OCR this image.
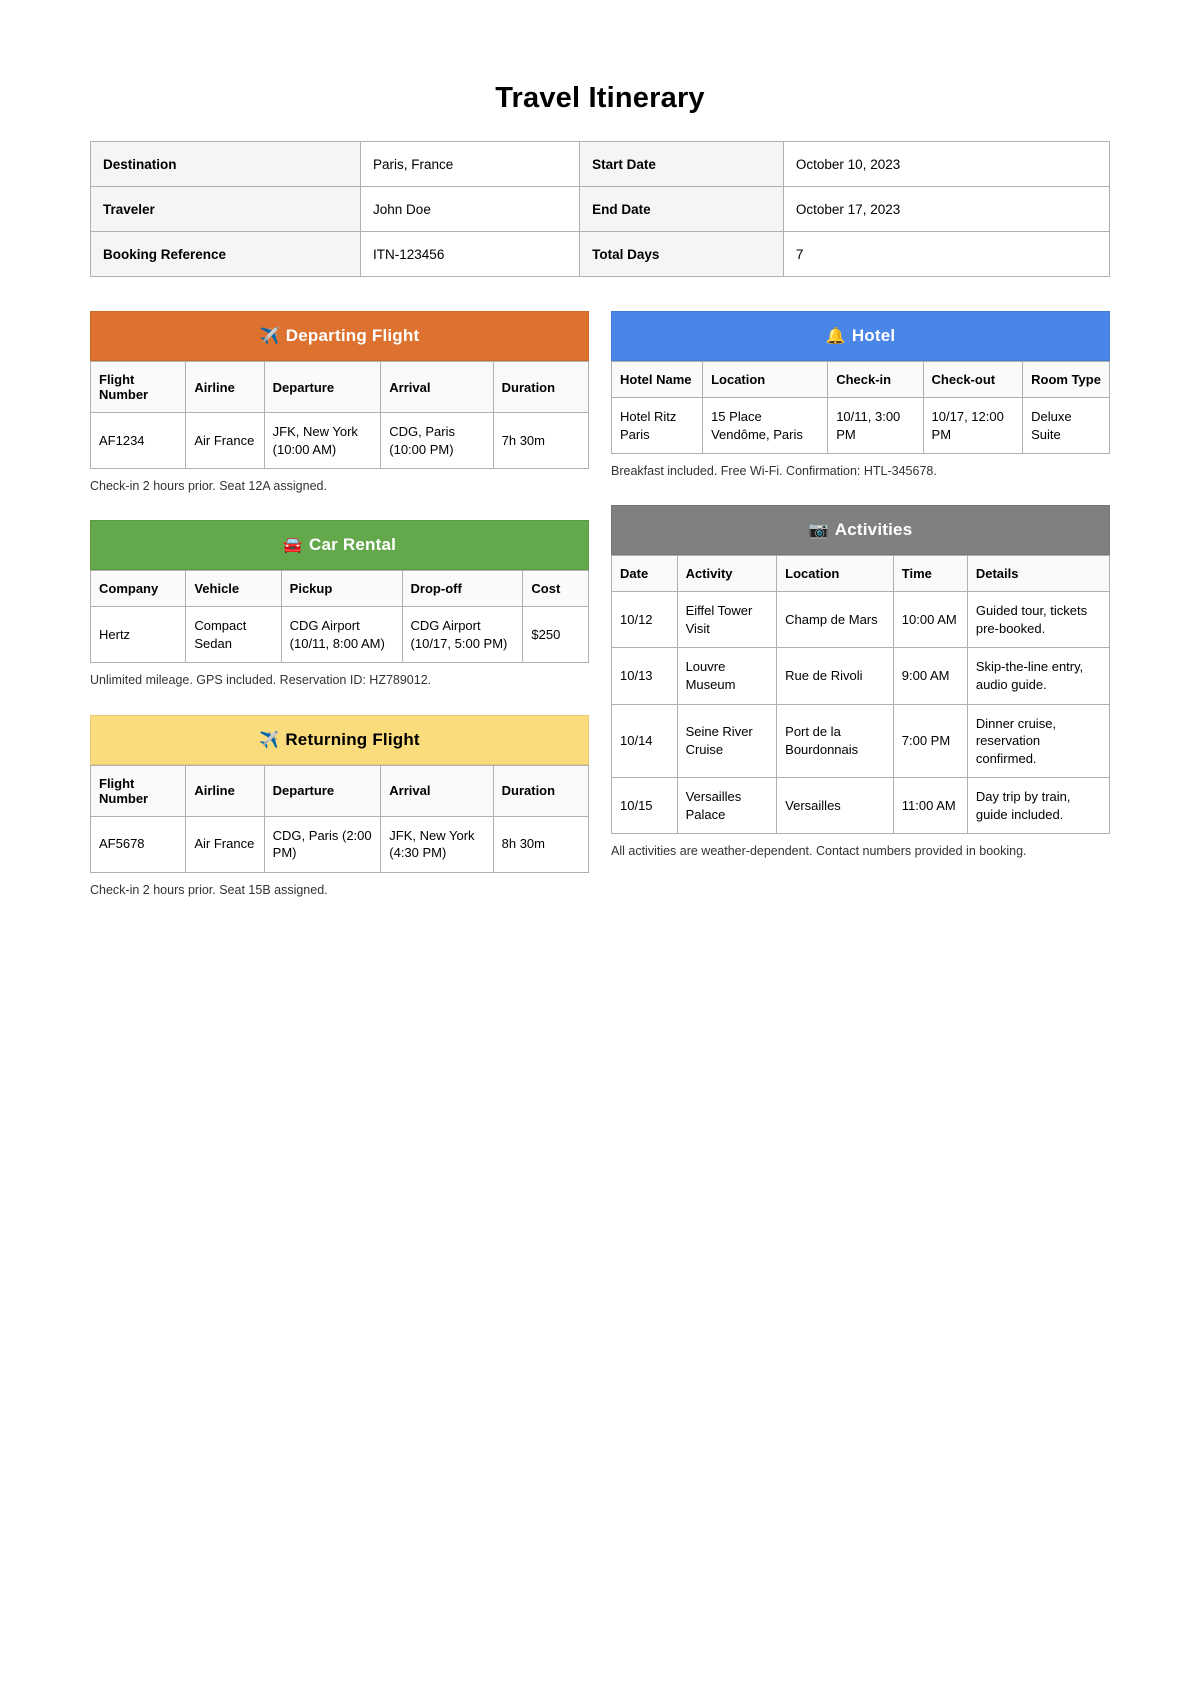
Travel Itinerary
Destination	Paris, France	Start Date	October 10, 2023
Traveler	John Doe	End Date	October 17, 2023
Booking Reference	ITN-123456	Total Days	7
✈️ Departing Flight
Flight Number	Airline	Departure	Arrival	Duration
AF1234	Air France	JFK, New York (10:00 AM)	CDG, Paris (10:00 PM)	7h 30m
Check-in 2 hours prior. Seat 12A assigned.
🚘 Car Rental
Company	Vehicle	Pickup	Drop-off	Cost
Hertz	Compact Sedan	CDG Airport (10/11, 8:00 AM)	CDG Airport (10/17, 5:00 PM)	$250
Unlimited mileage. GPS included. Reservation ID: HZ789012.
✈️ Returning Flight
Flight Number	Airline	Departure	Arrival	Duration
AF5678	Air France	CDG, Paris (2:00 PM)	JFK, New York (4:30 PM)	8h 30m
Check-in 2 hours prior. Seat 15B assigned.
🔔 Hotel
Hotel Name	Location	Check-in	Check-out	Room Type
Hotel Ritz Paris	15 Place Vendôme, Paris	10/11, 3:00 PM	10/17, 12:00 PM	Deluxe Suite
Breakfast included. Free Wi-Fi. Confirmation: HTL-345678.
📷 Activities
Date	Activity	Location	Time	Details
10/12	Eiffel Tower Visit	Champ de Mars	10:00 AM	Guided tour, tickets pre-booked.
10/13	Louvre Museum	Rue de Rivoli	9:00 AM	Skip-the-line entry, audio guide.
10/14	Seine River Cruise	Port de la Bourdonnais	7:00 PM	Dinner cruise, reservation confirmed.
10/15	Versailles Palace	Versailles	11:00 AM	Day trip by train, guide included.
All activities are weather-dependent. Contact numbers provided in booking.
